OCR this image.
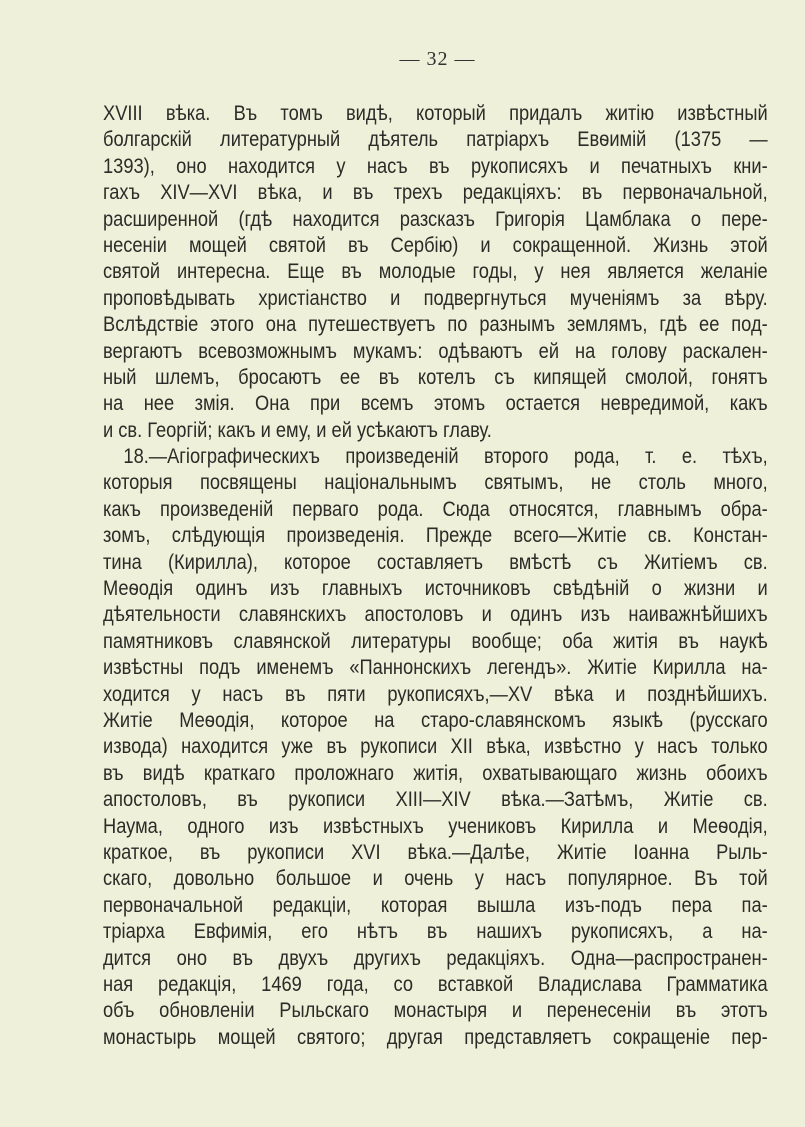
— 32 —
XVIII вѣка. Въ томъ видѣ, который придалъ житію извѣстный
болгарскій литературный дѣятель патріархъ Евѳимій (1375 —
1393), оно находится у насъ въ рукописяхъ и печатныхъ кни-
гахъ XIV—XVI вѣка, и въ трехъ редакціяхъ: въ первоначальной,
расширенной (гдѣ находится разсказъ Григорія Цамблака о пере-
несеніи мощей святой въ Сербію) и сокращенной. Жизнь этой
святой интересна. Еще въ молодые годы, у нея является желаніе
проповѣдывать христіанство и подвергнуться мученіямъ за вѣру.
Вслѣдствіе этого она путешествуетъ по разнымъ землямъ, гдѣ ее под-
вергаютъ всевозможнымъ мукамъ: одѣваютъ ей на голову раскален-
ный шлемъ, бросаютъ ее въ котелъ съ кипящей смолой, гонятъ
на нее змія. Она при всемъ этомъ остается невредимой, какъ
и св. Георгій; какъ и ему, и ей усѣкаютъ главу.
18.—Агіографическихъ произведеній второго рода, т. е. тѣхъ,
которыя посвящены національнымъ святымъ, не столь много,
какъ произведеній перваго рода. Сюда относятся, главнымъ обра-
зомъ, слѣдующія произведенія. Прежде всего—Житіе св. Констан-
тина (Кирилла), которое составляетъ вмѣстѣ съ Житіемъ св.
Меѳодія одинъ изъ главныхъ источниковъ свѣдѣній о жизни и
дѣятельности славянскихъ апостоловъ и одинъ изъ наиважнѣйшихъ
памятниковъ славянской литературы вообще; оба житія въ наукѣ
извѣстны подъ именемъ «Паннонскихъ легендъ». Житіе Кирилла на-
ходится у насъ въ пяти рукописяхъ,—XV вѣка и позднѣйшихъ.
Житіе Меѳодія, которое на старо-славянскомъ языкѣ (русскаго
извода) находится уже въ рукописи XII вѣка, извѣстно у насъ только
въ видѣ краткаго проложнаго житія, охватывающаго жизнь обоихъ
апостоловъ, въ рукописи XIII—XIV вѣка.—Затѣмъ, Житіе св.
Наума, одного изъ извѣстныхъ учениковъ Кирилла и Меѳодія,
краткое, въ рукописи XVI вѣка.—Далѣе, Житіе Іоанна Рыль-
скаго, довольно большое и очень у насъ популярное. Въ той
первоначальной редакціи, которая вышла изъ-подъ пера па-
тріарха Евфимія, его нѣтъ въ нашихъ рукописяхъ, а на-
дится оно въ двухъ другихъ редакціяхъ. Одна—распространен-
ная редакція, 1469 года, со вставкой Владислава Грамматика
объ обновленіи Рыльскаго монастыря и перенесеніи въ этотъ
монастырь мощей святого; другая представляетъ сокращеніе пер-
